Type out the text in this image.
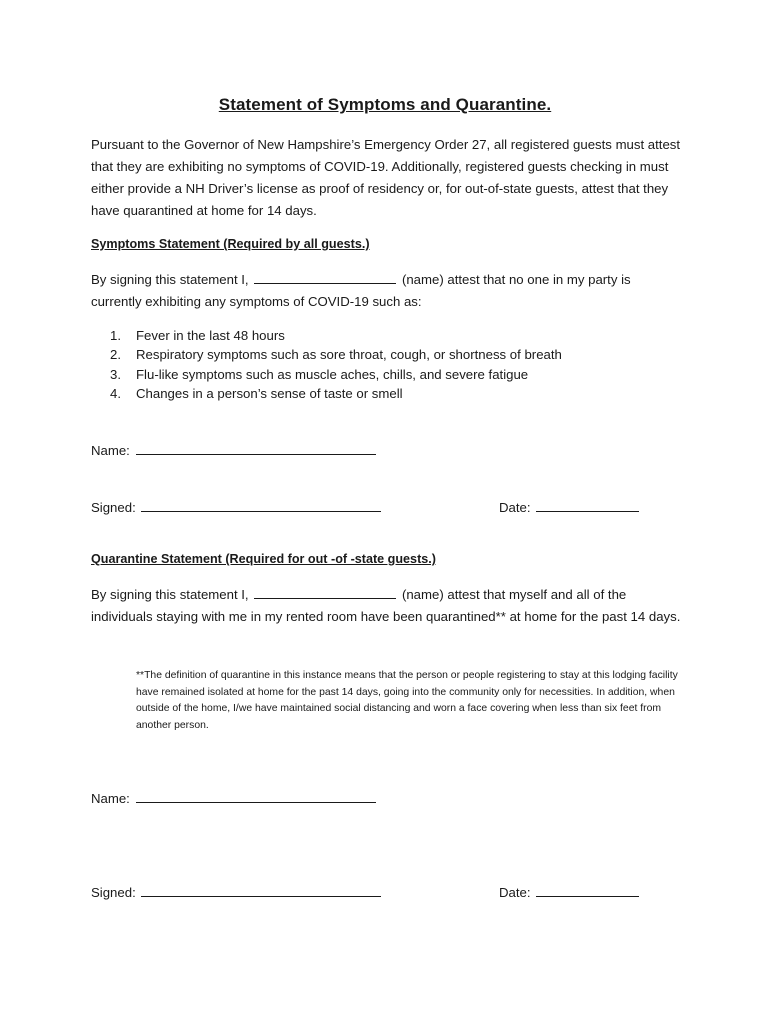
Statement of Symptoms and Quarantine.
Pursuant to the Governor of New Hampshire’s Emergency Order 27, all registered guests must attest that they are exhibiting no symptoms of COVID-19. Additionally, registered guests checking in must either provide a NH Driver’s license as proof of residency or, for out-of-state guests, attest that they have quarantined at home for 14 days.
Symptoms Statement (Required by all guests.)
By signing this statement I,	(name) attest that no one in my party is currently exhibiting any symptoms of COVID-19 such as:
1. Fever in the last 48 hours
2. Respiratory symptoms such as sore throat, cough, or shortness of breath
3. Flu-like symptoms such as muscle aches, chills, and severe fatigue
4. Changes in a person’s sense of taste or smell
Name:
Signed:	Date:
Quarantine Statement (Required for out -of -state guests.)
By signing this statement I,	(name) attest that myself and all of the individuals staying with me in my rented room have been quarantined** at home for the past 14 days.
**The definition of quarantine in this instance means that the person or people registering to stay at this lodging facility have remained isolated at home for the past 14 days, going into the community only for necessities. In addition, when outside of the home, I/we have maintained social distancing and worn a face covering when less than six feet from another person.
Name:
Signed:	Date:
